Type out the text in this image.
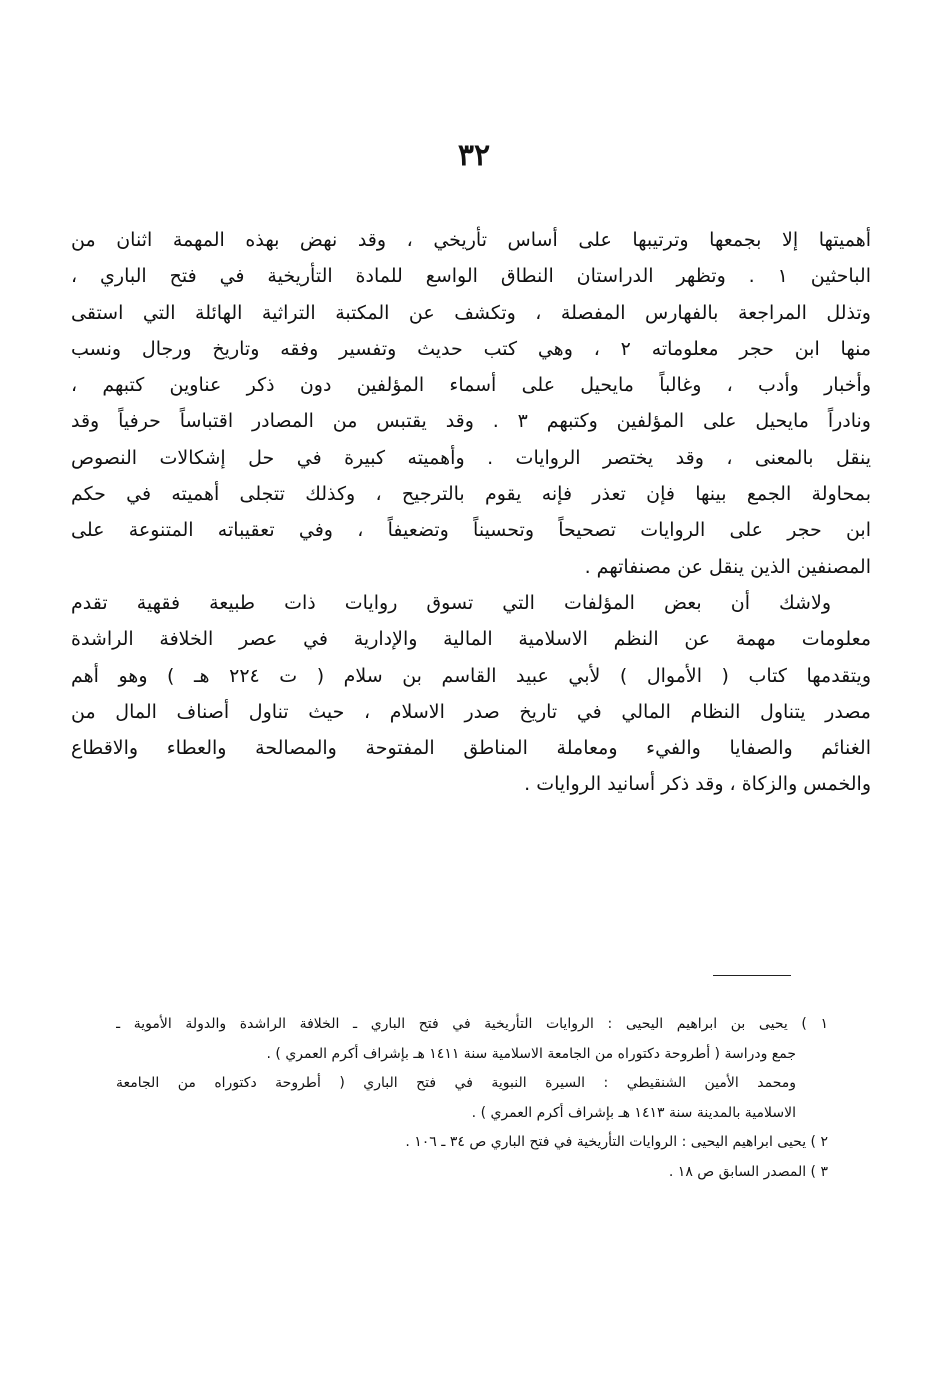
٣٢
أهميتها إلا بجمعها وترتيبها على أساس تأريخي ، وقد نهض بهذه المهمة اثنان من
الباحثين ١ . وتظهر الدراستان النطاق الواسع للمادة التأريخية في فتح الباري ،
وتذلل المراجعة بالفهارس المفصلة ، وتكشف عن المكتبة التراثية الهائلة التي استقى
منها ابن حجر معلوماته ٢ ، وهي كتب حديث وتفسير وفقه وتاريخ ورجال ونسب
وأخبار وأدب ، وغالباً مايحيل على أسماء المؤلفين دون ذكر عناوين كتبهم ،
ونادراً مايحيل على المؤلفين وكتبهم ٣ . وقد يقتبس من المصادر اقتباساً حرفياً وقد
ينقل بالمعنى ، وقد يختصر الروايات . وأهميته كبيرة في حل إشكالات النصوص
بمحاولة الجمع بينها فإن تعذر فإنه يقوم بالترجيح ، وكذلك تتجلى أهميته في حكم
ابن حجر على الروايات تصحيحاً وتحسيناً وتضعيفاً ، وفي تعقيباته المتنوعة على
المصنفين الذين ينقل عن مصنفاتهم .
ولاشك أن بعض المؤلفات التي تسوق روايات ذات طبيعة فقهية تقدم
معلومات مهمة عن النظم الاسلامية المالية والإدارية في عصر الخلافة الراشدة
ويتقدمها كتاب ( الأموال ) لأبي عبيد القاسم بن سلام ( ت ٢٢٤ هـ ) وهو أهم
مصدر يتناول النظام المالي في تاريخ صدر الاسلام ، حيث تناول أصناف المال من
الغنائم والصفايا والفيء ومعاملة المناطق المفتوحة والمصالحة والعطاء والاقطاع
والخمس والزكاة ، وقد ذكر أسانيد الروايات .
١ ) يحيى بن ابراهيم اليحيى : الروايات التأريخية في فتح الباري ـ الخلافة الراشدة والدولة الأموية ـ
جمع ودراسة ( أطروحة دكتوراه من الجامعة الاسلامية سنة ١٤١١ هـ بإشراف أكرم العمري ) .
ومحمد الأمين الشنقيطي : السيرة النبوية في فتح الباري ( أطروحة دكتوراه من الجامعة
الاسلامية بالمدينة سنة ١٤١٣ هـ بإشراف أكرم العمري ) .
٢ ) يحيى ابراهيم اليحيى : الروايات التأريخية في فتح الباري ص ٣٤ ـ ١٠٦ .
٣ ) المصدر السابق ص ١٨ .
